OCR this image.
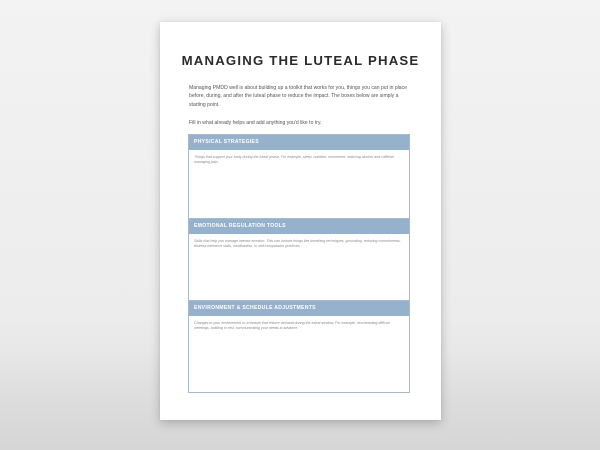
MANAGING THE LUTEAL PHASE
Managing PMDD well is about building up a toolkit that works for you, things you can put in place before, during, and after the luteal phase to reduce the impact. The boxes below are simply a starting point.
Fill in what already helps and add anything you'd like to try.
PHYSICAL STRATEGIES
Things that support your body during the luteal phase. For example, sleep, nutrition, movement, reducing alcohol and caffeine, managing pain.
EMOTIONAL REGULATION TOOLS
Skills that help you manage intense emotion. This can include things like breathing techniques, grounding, reducing commitments, distress tolerance skills, mindfulness, or self-compassion practices.
ENVIRONMENT & SCHEDULE ADJUSTMENTS
Changes to your environment or schedule that reduce demand during the luteal window. For example, rescheduling difficult meetings, building in rest, communicating your needs in advance.
